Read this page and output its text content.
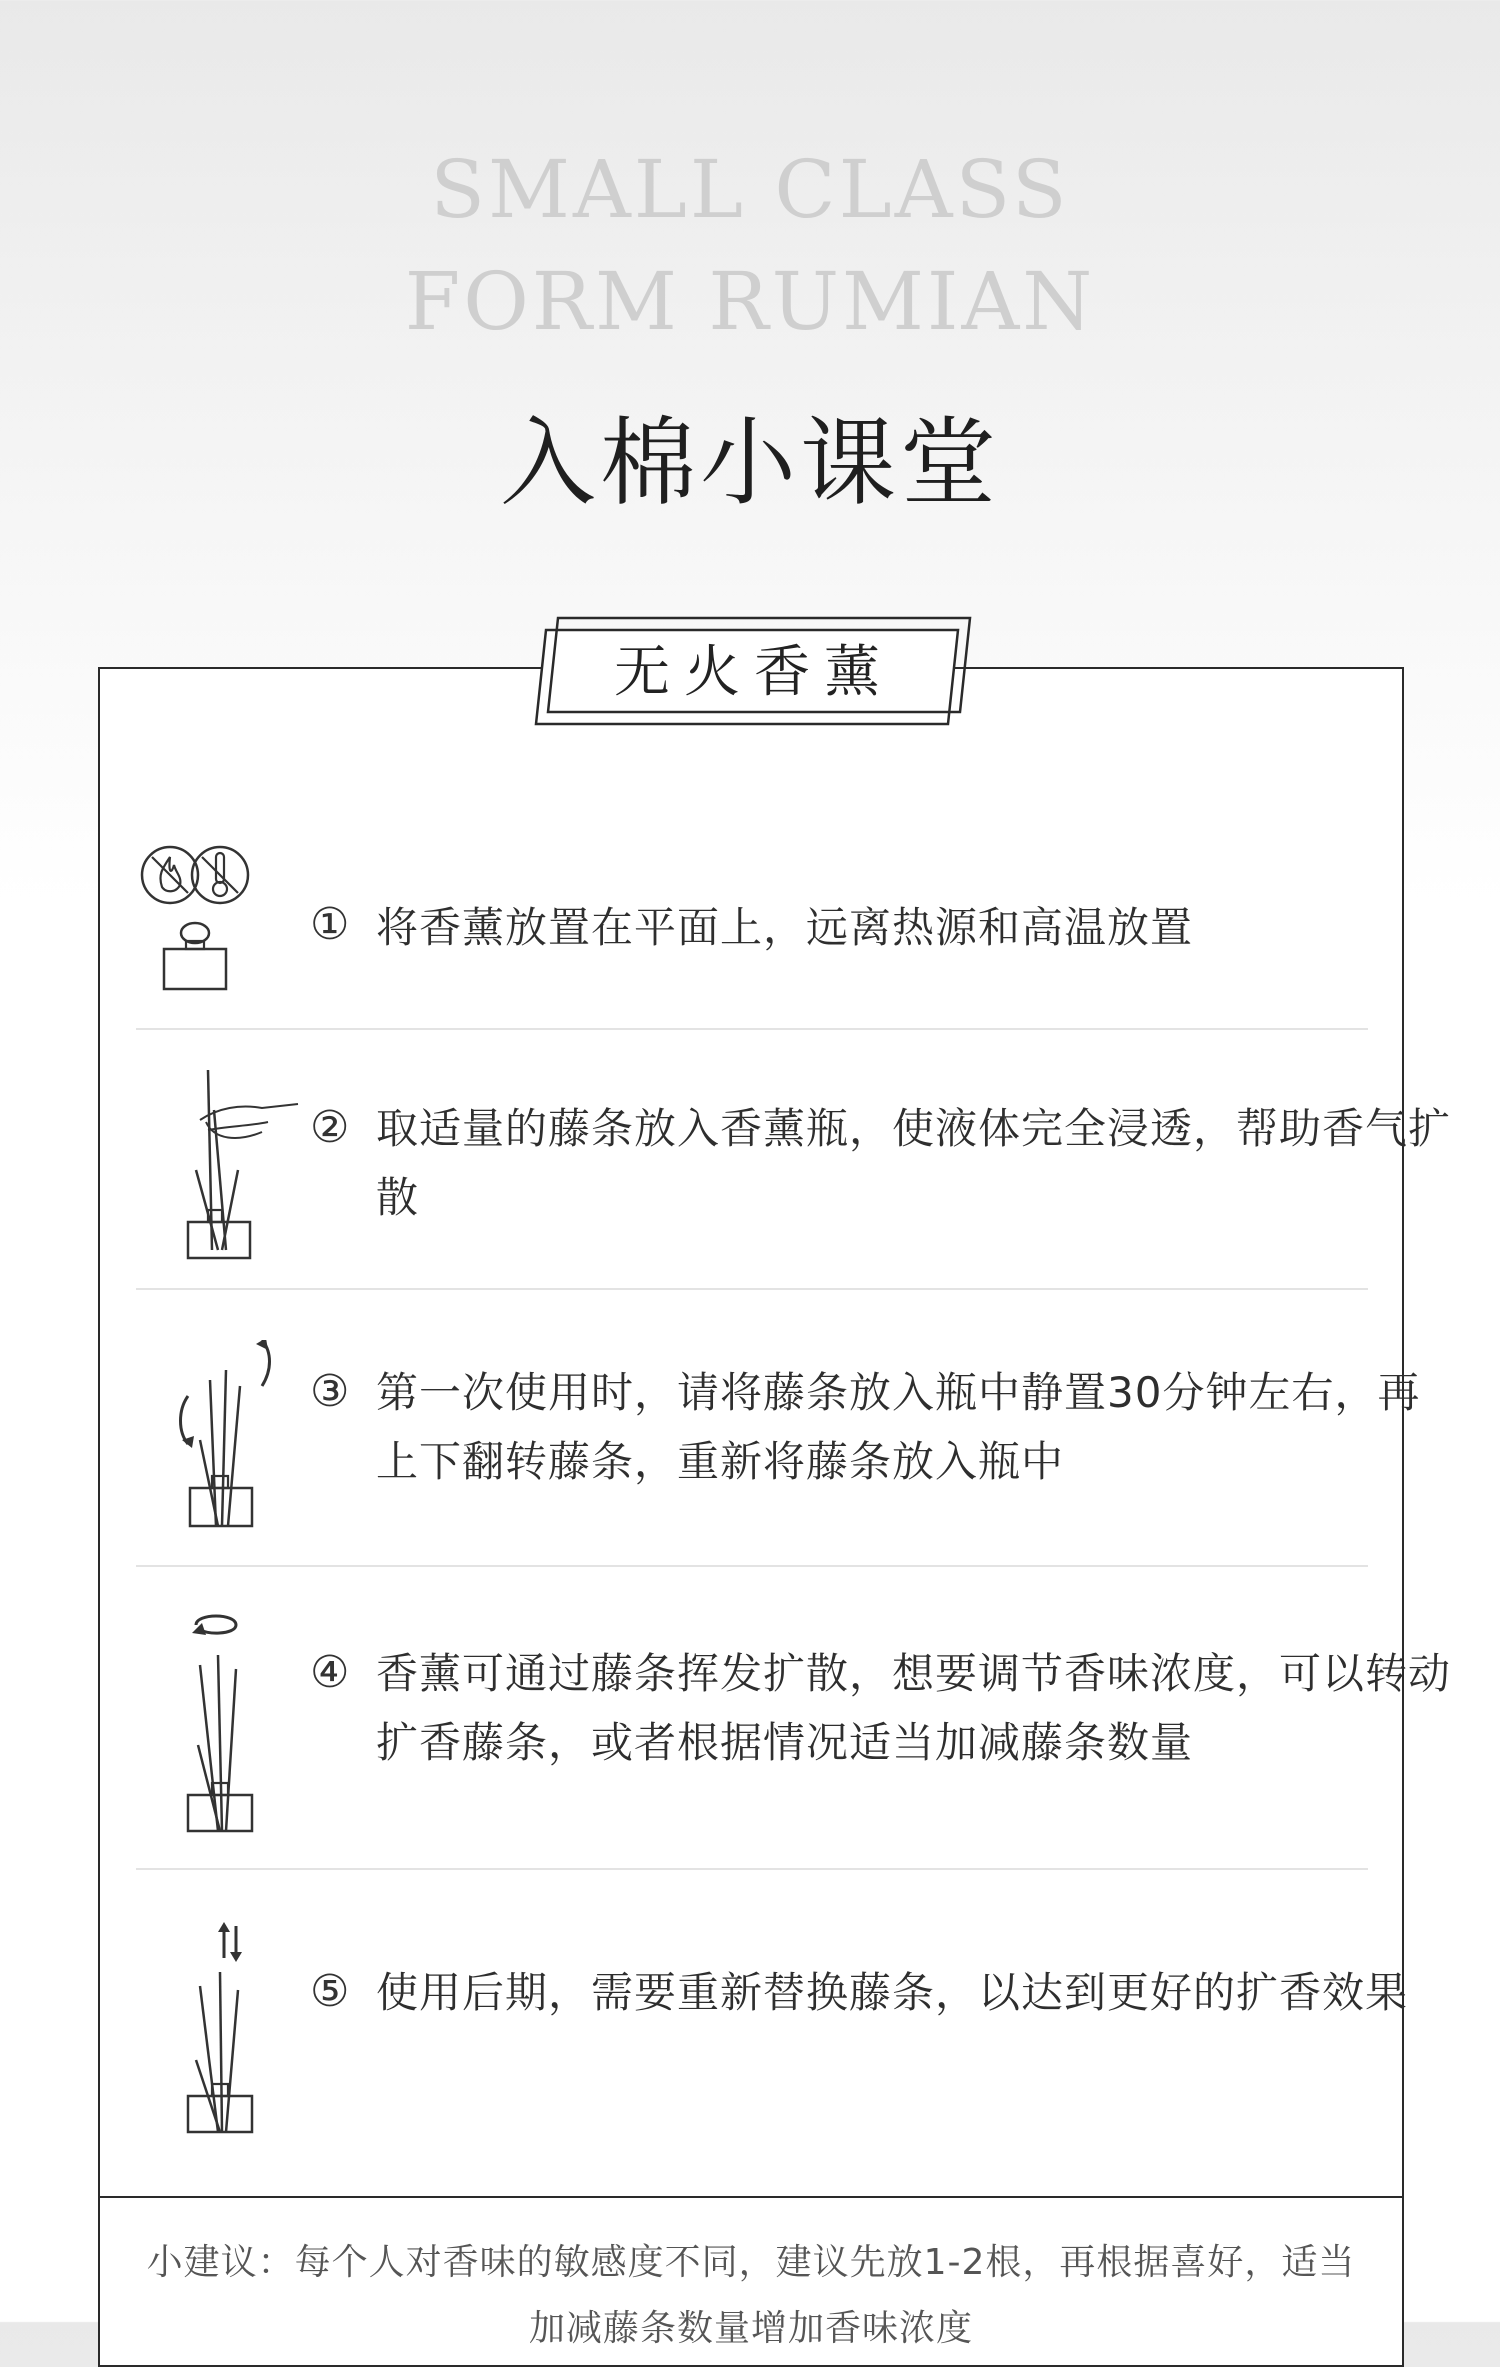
SMALL CLASS
FORM RUMIAN
入棉小课堂
无火香薰
① 将香薰放置在平面上，远离热源和高温放置
② 取适量的藤条放入香薰瓶，使液体完全浸透，帮助香气扩散
③ 第一次使用时，请将藤条放入瓶中静置30分钟左右，再上下翻转藤条，重新将藤条放入瓶中
④ 香薰可通过藤条挥发扩散，想要调节香味浓度，可以转动扩香藤条，或者根据情况适当加减藤条数量
⑤ 使用后期，需要重新替换藤条，以达到更好的扩香效果
小建议：每个人对香味的敏感度不同，建议先放1-2根，再根据喜好，适当加减藤条数量增加香味浓度
